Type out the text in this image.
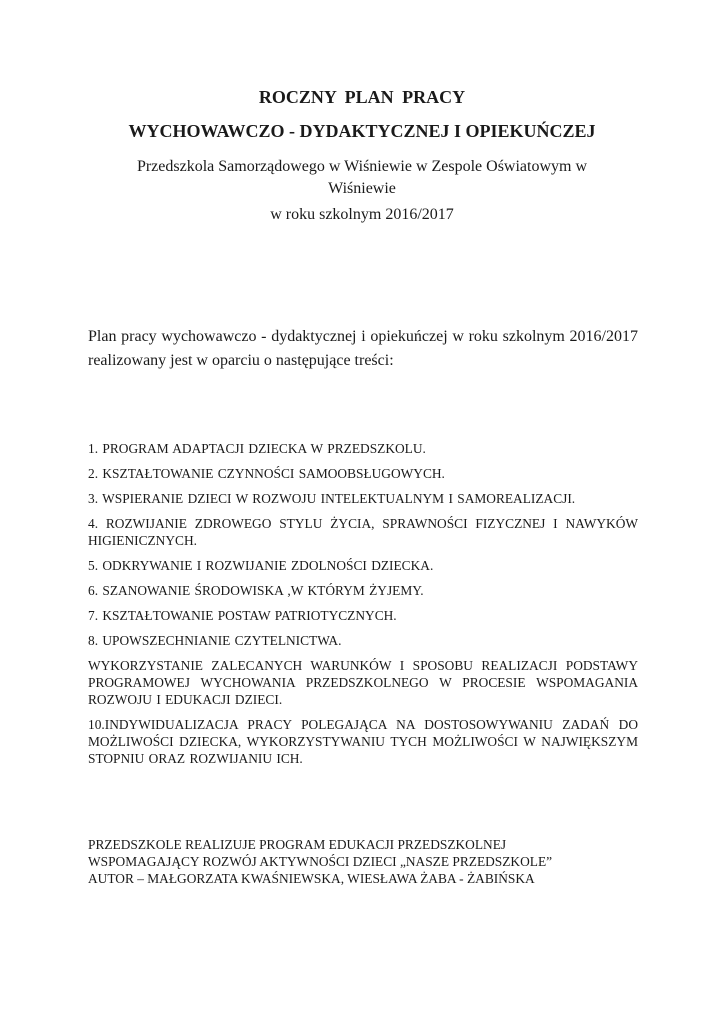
ROCZNY PLAN PRACY
WYCHOWAWCZO - DYDAKTYCZNEJ I OPIEKUŃCZEJ
Przedszkola Samorządowego w Wiśniewie w Zespole Oświatowym w Wiśniewie
w roku szkolnym 2016/2017
Plan pracy wychowawczo - dydaktycznej i opiekuńczej w roku szkolnym 2016/2017 realizowany jest w oparciu o następujące treści:
1. PROGRAM ADAPTACJI DZIECKA W PRZEDSZKOLU.
2. KSZTAŁTOWANIE CZYNNOŚCI SAMOOBSŁUGOWYCH.
3. WSPIERANIE DZIECI W ROZWOJU INTELEKTUALNYM I SAMOREALIZACJI.
4. ROZWIJANIE ZDROWEGO STYLU ŻYCIA, SPRAWNOŚCI FIZYCZNEJ I NAWYKÓW HIGIENICZNYCH.
5. ODKRYWANIE I ROZWIJANIE ZDOLNOŚCI DZIECKA.
6. SZANOWANIE ŚRODOWISKA ,W KTÓRYM ŻYJEMY.
7. KSZTAŁTOWANIE POSTAW PATRIOTYCZNYCH.
8. UPOWSZECHNIANIE CZYTELNICTWA.
WYKORZYSTANIE ZALECANYCH WARUNKÓW I SPOSOBU REALIZACJI PODSTAWY PROGRAMOWEJ WYCHOWANIA PRZEDSZKOLNEGO W PROCESIE WSPOMAGANIA ROZWOJU I EDUKACJI DZIECI.
10.INDYWIDUALIZACJA PRACY POLEGAJĄCA NA DOSTOSOWYWANIU ZADAŃ DO MOŻLIWOŚCI DZIECKA, WYKORZYSTYWANIU TYCH MOŻLIWOŚCI W NAJWIĘKSZYM STOPNIU ORAZ ROZWIJANIU ICH.
PRZEDSZKOLE REALIZUJE PROGRAM EDUKACJI PRZEDSZKOLNEJ
WSPOMAGAJĄCY ROZWÓJ AKTYWNOŚCI DZIECI „NASZE PRZEDSZKOLE”
AUTOR – MAŁGORZATA KWAŚNIEWSKA, WIESŁAWA ŻABA - ŻABIŃSKA
